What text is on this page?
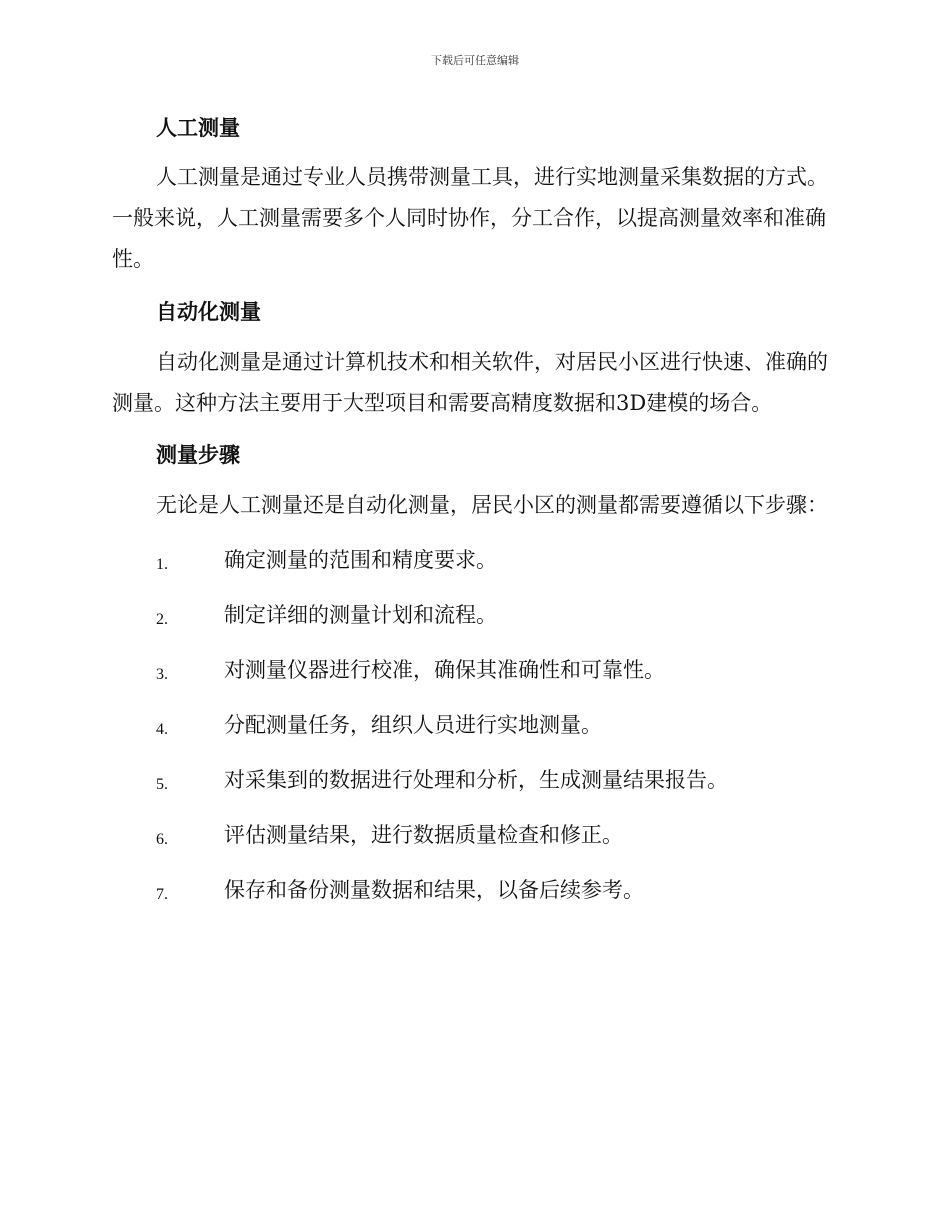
下载后可任意编辑
人工测量

人工测量是通过专业人员携带测量工具，进行实地测量采集数据的方式。一般来说，人工测量需要多个人同时协作，分工合作，以提高测量效率和准确性。

自动化测量

自动化测量是通过计算机技术和相关软件，对居民小区进行快速、准确的测量。这种方法主要用于大型项目和需要高精度数据和3D建模的场合。

测量步骤

无论是人工测量还是自动化测量，居民小区的测量都需要遵循以下步骤：

1.	确定测量的范围和精度要求。
2.	制定详细的测量计划和流程。
3.	对测量仪器进行校准，确保其准确性和可靠性。
4.	分配测量任务，组织人员进行实地测量。
5.	对采集到的数据进行处理和分析，生成测量结果报告。
6.	评估测量结果，进行数据质量检查和修正。
7.	保存和备份测量数据和结果，以备后续参考。
